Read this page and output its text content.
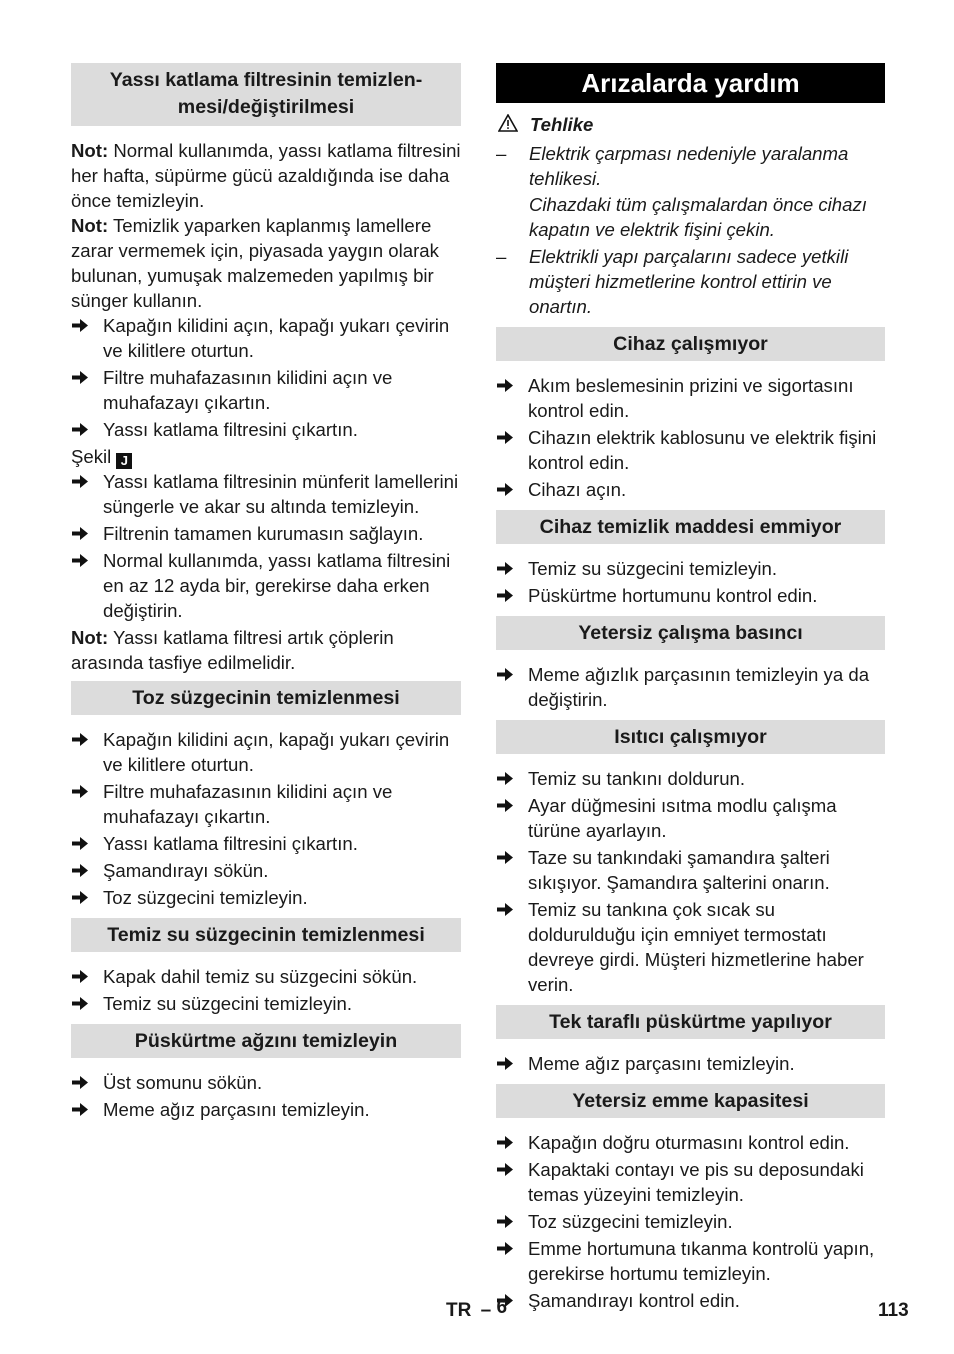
Yassı katlama filtresinin temizlen-
mesi/değiştirilmesi

Not: Normal kullanımda, yassı katlama filtresini her hafta, süpürme gücü azaldığında ise daha önce temizleyin.

Not: Temizlik yaparken kaplanmış lamellere zarar vermemek için, piyasada yaygın olarak bulunan, yumuşak malzemeden yapılmış bir sünger kullanın.

Kapağın kilidini açın, kapağı yukarı çevirin ve kilitlere oturtun.
Filtre muhafazasının kilidini açın ve muhafazayı çıkartın.
Yassı katlama filtresini çıkartın.

Şekil J

Yassı katlama filtresinin münferit lamellerini süngerle ve akar su altında temizleyin.
Filtrenin tamamen kurumasın sağlayın.
Normal kullanımda, yassı katlama filtresini en az 12 ayda bir, gerekirse daha erken değiştirin.

Not: Yassı katlama filtresi artık çöplerin arasında tasfiye edilmelidir.

Toz süzgecinin temizlenmesi
Kapağın kilidini açın, kapağı yukarı çevirin ve kilitlere oturtun.
Filtre muhafazasının kilidini açın ve muhafazayı çıkartın.
Yassı katlama filtresini çıkartın.
Şamandırayı sökün.
Toz süzgecini temizleyin.
Temiz su süzgecinin temizlenmesi
Kapak dahil temiz su süzgecini sökün.
Temiz su süzgecini temizleyin.
Püskürtme ağzını temizleyin
Üst somunu sökün.
Meme ağız parçasını temizleyin.
Arızalarda yardım
Tehlike
– Elektrik çarpması nedeniyle yaralanma tehlikesi.
Cihazdaki tüm çalışmalardan önce cihazı kapatın ve elektrik fişini çekin.
– Elektrikli yapı parçalarını sadece yetkili müşteri hizmetlerine kontrol ettirin ve onartın.
Cihaz çalışmıyor
Akım beslemesinin prizini ve sigortasını kontrol edin.
Cihazın elektrik kablosunu ve elektrik fişini kontrol edin.
Cihazı açın.
Cihaz temizlik maddesi emmiyor
Temiz su süzgecini temizleyin.
Püskürtme hortumunu kontrol edin.
Yetersiz çalışma basıncı
Meme ağızlık parçasının temizleyin ya da değiştirin.
Isıtıcı çalışmıyor
Temiz su tankını doldurun.
Ayar düğmesini ısıtma modlu çalışma türüne ayarlayın.
Taze su tankındaki şamandıra şalteri sıkışıyor. Şamandıra şalterini onarın.
Temiz su tankına çok sıcak su doldurulduğu için emniyet termostatı devreye girdi. Müşteri hizmetlerine haber verin.
Tek taraflı püskürtme yapılıyor
Meme ağız parçasını temizleyin.
Yetersiz emme kapasitesi
Kapağın doğru oturmasını kontrol edin.
Kapaktaki contayı ve pis su deposundaki temas yüzeyini temizleyin.
Toz süzgecini temizleyin.
Emme hortumuna tıkanma kontrolü yapın, gerekirse hortumu temizleyin.
Şamandırayı kontrol edin.
TR – 6	113
